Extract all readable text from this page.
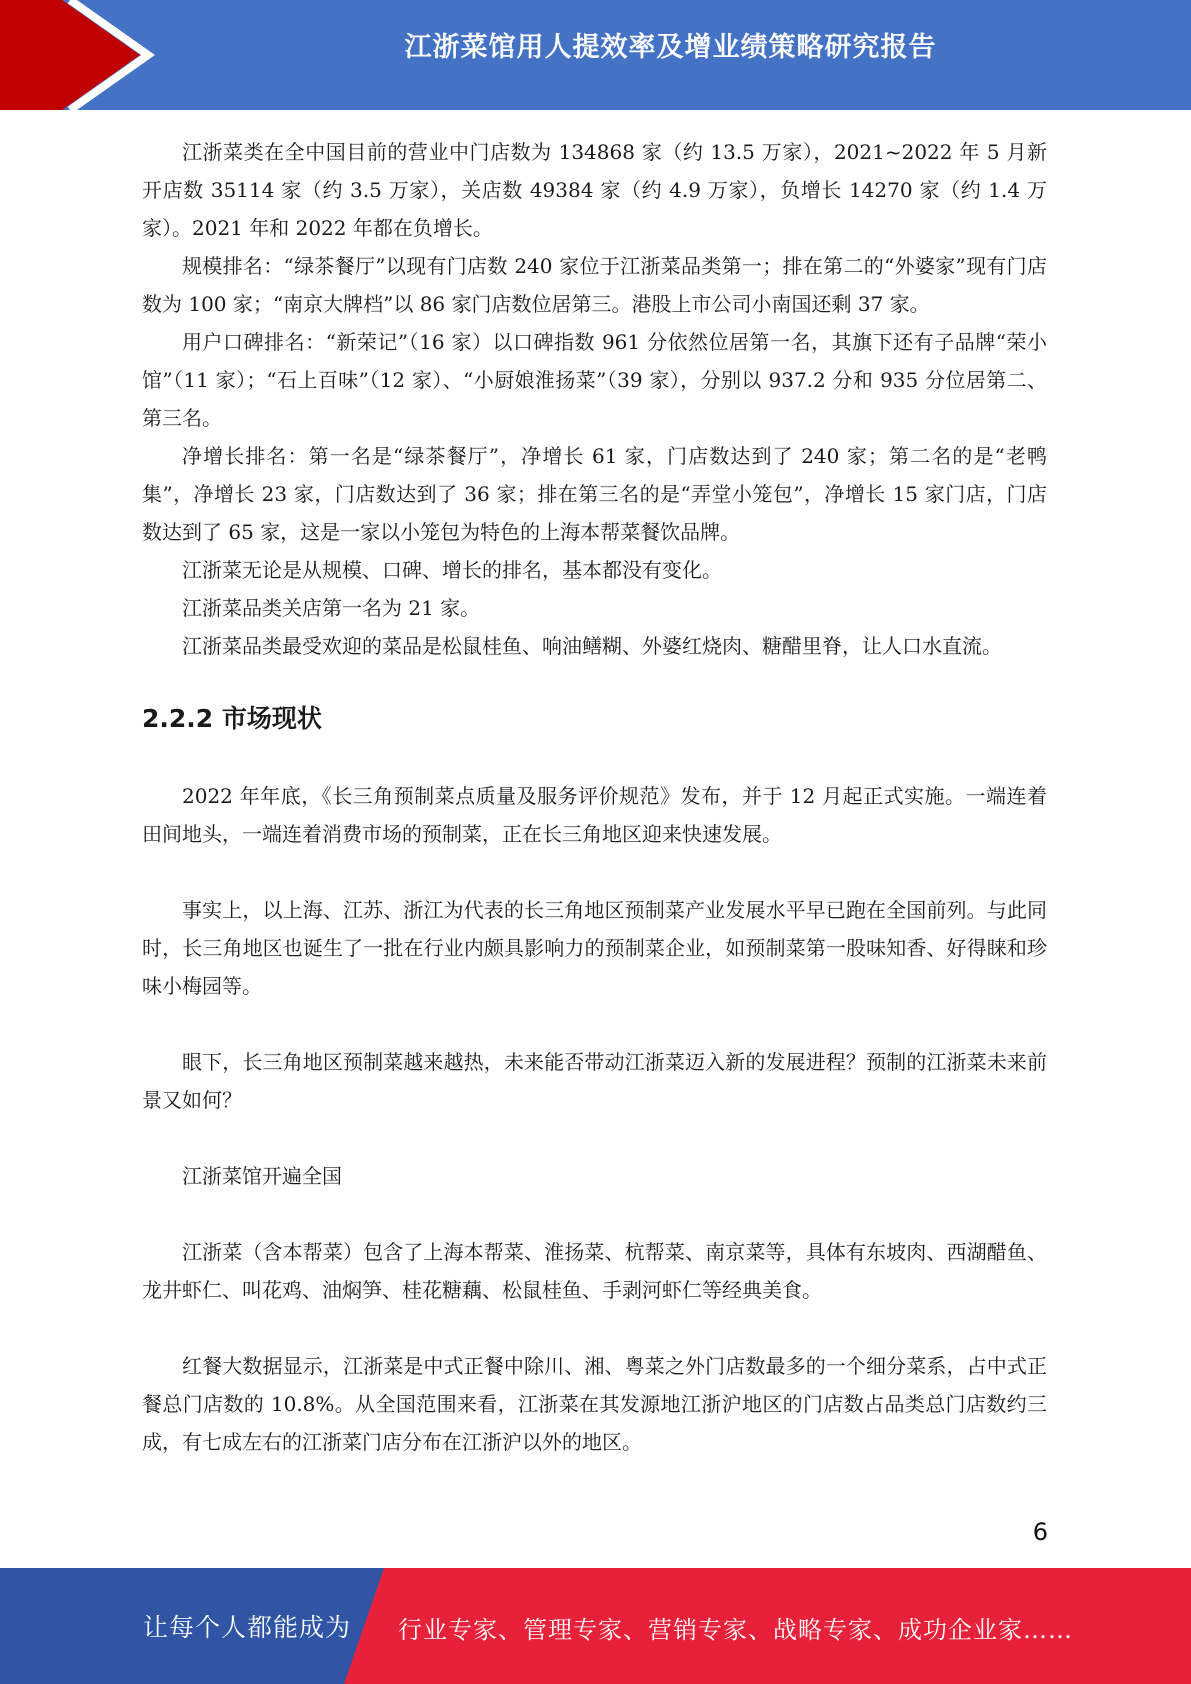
江浙菜馆用人提效率及增业绩策略研究报告

江浙菜类在全中国目前的营业中门店数为 134868 家（约 13.5 万家），2021~2022 年 5 月新开店数 35114 家（约 3.5 万家），关店数 49384 家（约 4.9 万家），负增长 14270 家（约 1.4 万家）。2021 年和 2022 年都在负增长。

规模排名：“绿茶餐厅”以现有门店数 240 家位于江浙菜品类第一；排在第二的“外婆家”现有门店数为 100 家；“南京大牌档”以 86 家门店数位居第三。港股上市公司小南国还剩 37 家。

用户口碑排名：“新荣记”（16 家）以口碑指数 961 分依然位居第一名，其旗下还有子品牌“荣小馆”（11 家）；“石上百味”（12 家）、“小厨娘淮扬菜”（39 家），分别以 937.2 分和 935 分位居第二、第三名。

净增长排名：第一名是“绿茶餐厅”，净增长 61 家，门店数达到了 240 家；第二名的是“老鸭集”，净增长 23 家，门店数达到了 36 家；排在第三名的是“弄堂小笼包”，净增长 15 家门店，门店数达到了 65 家，这是一家以小笼包为特色的上海本帮菜餐饮品牌。

江浙菜无论是从规模、口碑、增长的排名，基本都没有变化。

江浙菜品类关店第一名为 21 家。

江浙菜品类最受欢迎的菜品是松鼠桂鱼、响油鳝糊、外婆红烧肉、糖醋里脊，让人口水直流。

2.2.2 市场现状

2022 年年底，《长三角预制菜点质量及服务评价规范》发布，并于 12 月起正式实施。一端连着田间地头，一端连着消费市场的预制菜，正在长三角地区迎来快速发展。

事实上，以上海、江苏、浙江为代表的长三角地区预制菜产业发展水平早已跑在全国前列。与此同时，长三角地区也诞生了一批在行业内颇具影响力的预制菜企业，如预制菜第一股味知香、好得睐和珍味小梅园等。

眼下，长三角地区预制菜越来越热，未来能否带动江浙菜迈入新的发展进程？预制的江浙菜未来前景又如何？

江浙菜馆开遍全国

江浙菜（含本帮菜）包含了上海本帮菜、淮扬菜、杭帮菜、南京菜等，具体有东坡肉、西湖醋鱼、龙井虾仁、叫花鸡、油焖笋、桂花糖藕、松鼠桂鱼、手剥河虾仁等经典美食。

红餐大数据显示，江浙菜是中式正餐中除川、湘、粤菜之外门店数最多的一个细分菜系，占中式正餐总门店数的 10.8%。从全国范围来看，江浙菜在其发源地江浙沪地区的门店数占品类总门店数约三成，有七成左右的江浙菜门店分布在江浙沪以外的地区。

6
让每个人都能成为 行业专家、管理专家、营销专家、战略专家、成功企业家……
